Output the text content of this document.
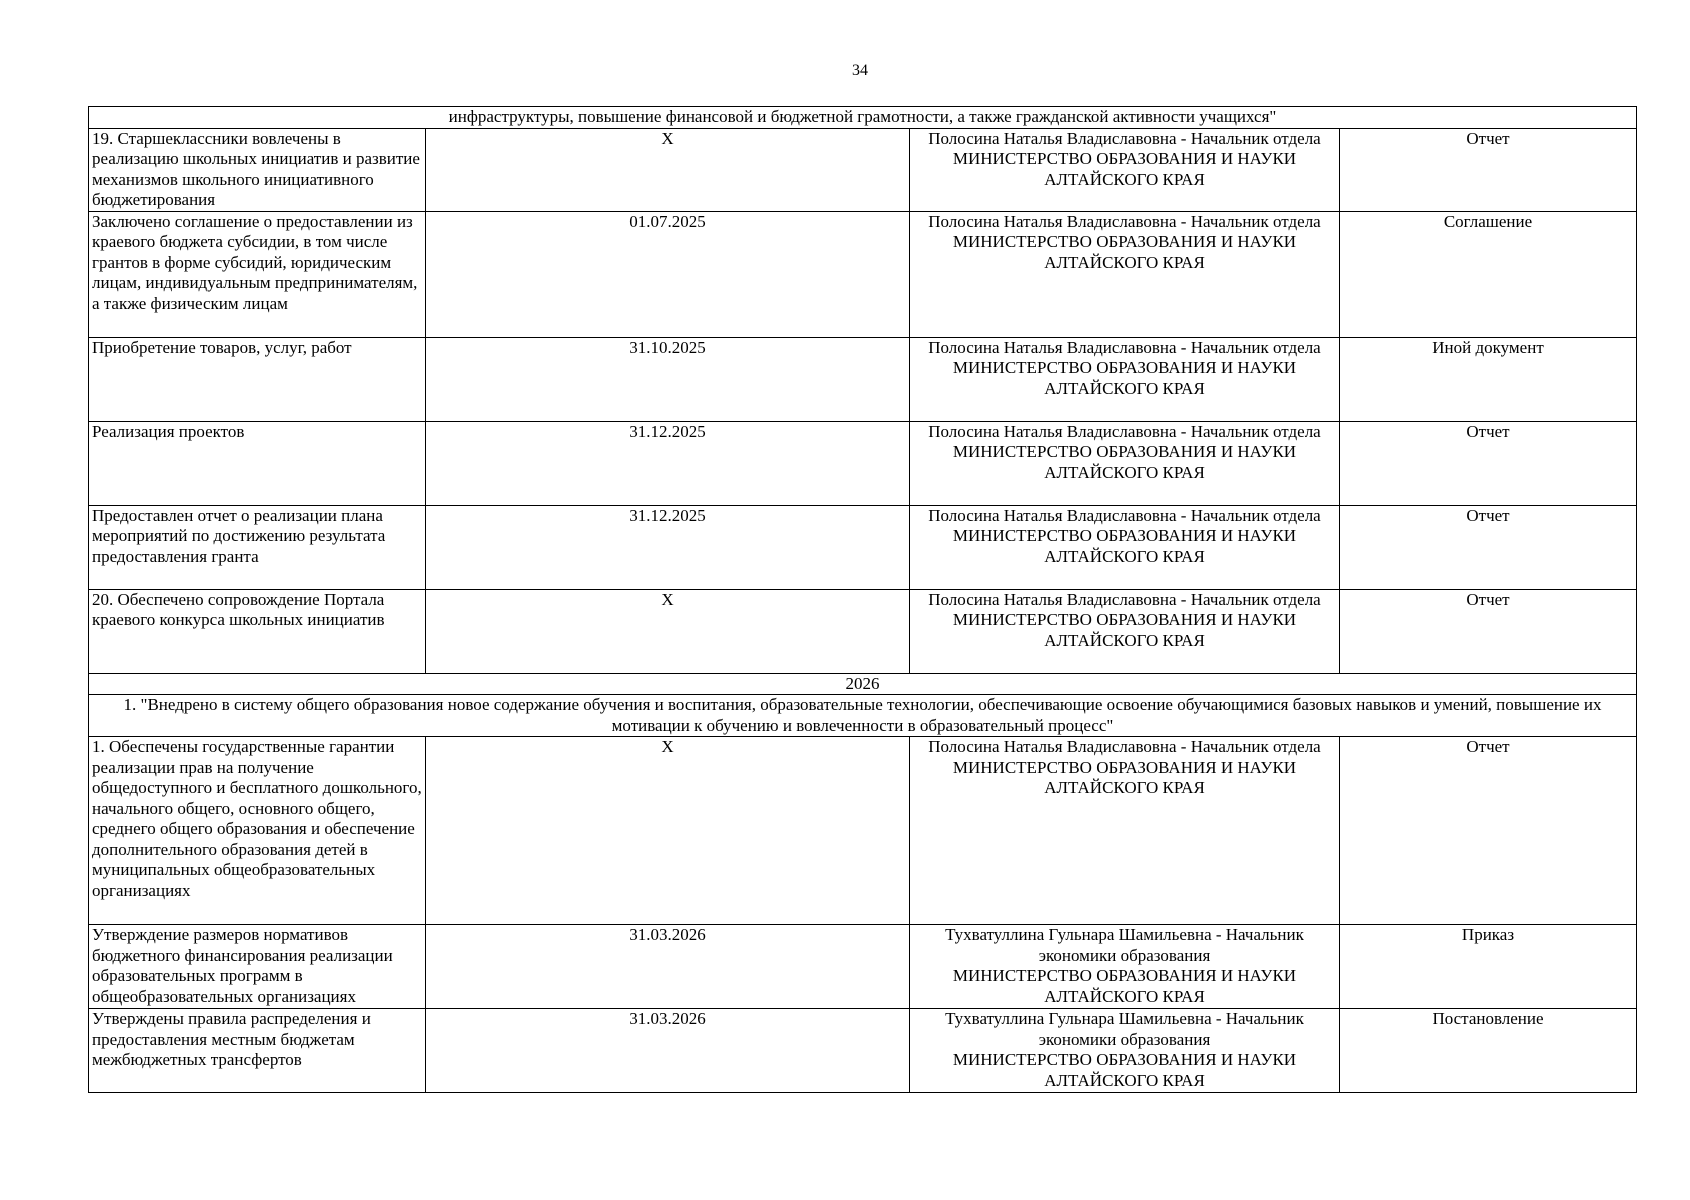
34
инфраструктуры, повышение финансовой и бюджетной грамотности, а также гражданской активности учащихся"			
19. Старшеклассники вовлечены в реализацию школьных инициатив и развитие механизмов школьного инициативного бюджетирования	X	Полосина Наталья Владиславовна - Начальник отдела
МИНИСТЕРСТВО ОБРАЗОВАНИЯ И НАУКИ АЛТАЙСКОГО КРАЯ	Отчет
Заключено соглашение о предоставлении из краевого бюджета субсидии, в том числе грантов в форме субсидий, юридическим лицам, индивидуальным предпринимателям, а также физическим лицам	01.07.2025	Полосина Наталья Владиславовна - Начальник отдела
МИНИСТЕРСТВО ОБРАЗОВАНИЯ И НАУКИ АЛТАЙСКОГО КРАЯ	Соглашение
Приобретение товаров, услуг, работ	31.10.2025	Полосина Наталья Владиславовна - Начальник отдела
МИНИСТЕРСТВО ОБРАЗОВАНИЯ И НАУКИ АЛТАЙСКОГО КРАЯ	Иной документ
Реализация проектов	31.12.2025	Полосина Наталья Владиславовна - Начальник отдела
МИНИСТЕРСТВО ОБРАЗОВАНИЯ И НАУКИ АЛТАЙСКОГО КРАЯ	Отчет
Предоставлен отчет о реализации плана мероприятий по достижению результата предоставления гранта	31.12.2025	Полосина Наталья Владиславовна - Начальник отдела
МИНИСТЕРСТВО ОБРАЗОВАНИЯ И НАУКИ АЛТАЙСКОГО КРАЯ	Отчет
20. Обеспечено сопровождение Портала краевого конкурса школьных инициатив	X	Полосина Наталья Владиславовна - Начальник отдела
МИНИСТЕРСТВО ОБРАЗОВАНИЯ И НАУКИ АЛТАЙСКОГО КРАЯ	Отчет
2026			
1. "Внедрено в систему общего образования новое содержание обучения и воспитания, образовательные технологии, обеспечивающие освоение обучающимися базовых навыков и умений, повышение их мотивации к обучению и вовлеченности в образовательный процесс"			
1. Обеспечены государственные гарантии реализации прав на получение общедоступного и бесплатного дошкольного, начального общего, основного общего, среднего общего образования и обеспечение дополнительного образования детей в муниципальных общеобразовательных организациях	X	Полосина Наталья Владиславовна - Начальник отдела
МИНИСТЕРСТВО ОБРАЗОВАНИЯ И НАУКИ АЛТАЙСКОГО КРАЯ	Отчет
Утверждение размеров нормативов бюджетного финансирования реализации образовательных программ в общеобразовательных организациях	31.03.2026	Тухватуллина Гульнара Шамильевна - Начальник экономики образования
МИНИСТЕРСТВО ОБРАЗОВАНИЯ И НАУКИ АЛТАЙСКОГО КРАЯ	Приказ
Утверждены правила распределения и предоставления местным бюджетам межбюджетных трансфертов	31.03.2026	Тухватуллина Гульнара Шамильевна - Начальник экономики образования
МИНИСТЕРСТВО ОБРАЗОВАНИЯ И НАУКИ АЛТАЙСКОГО КРАЯ	Постановление
